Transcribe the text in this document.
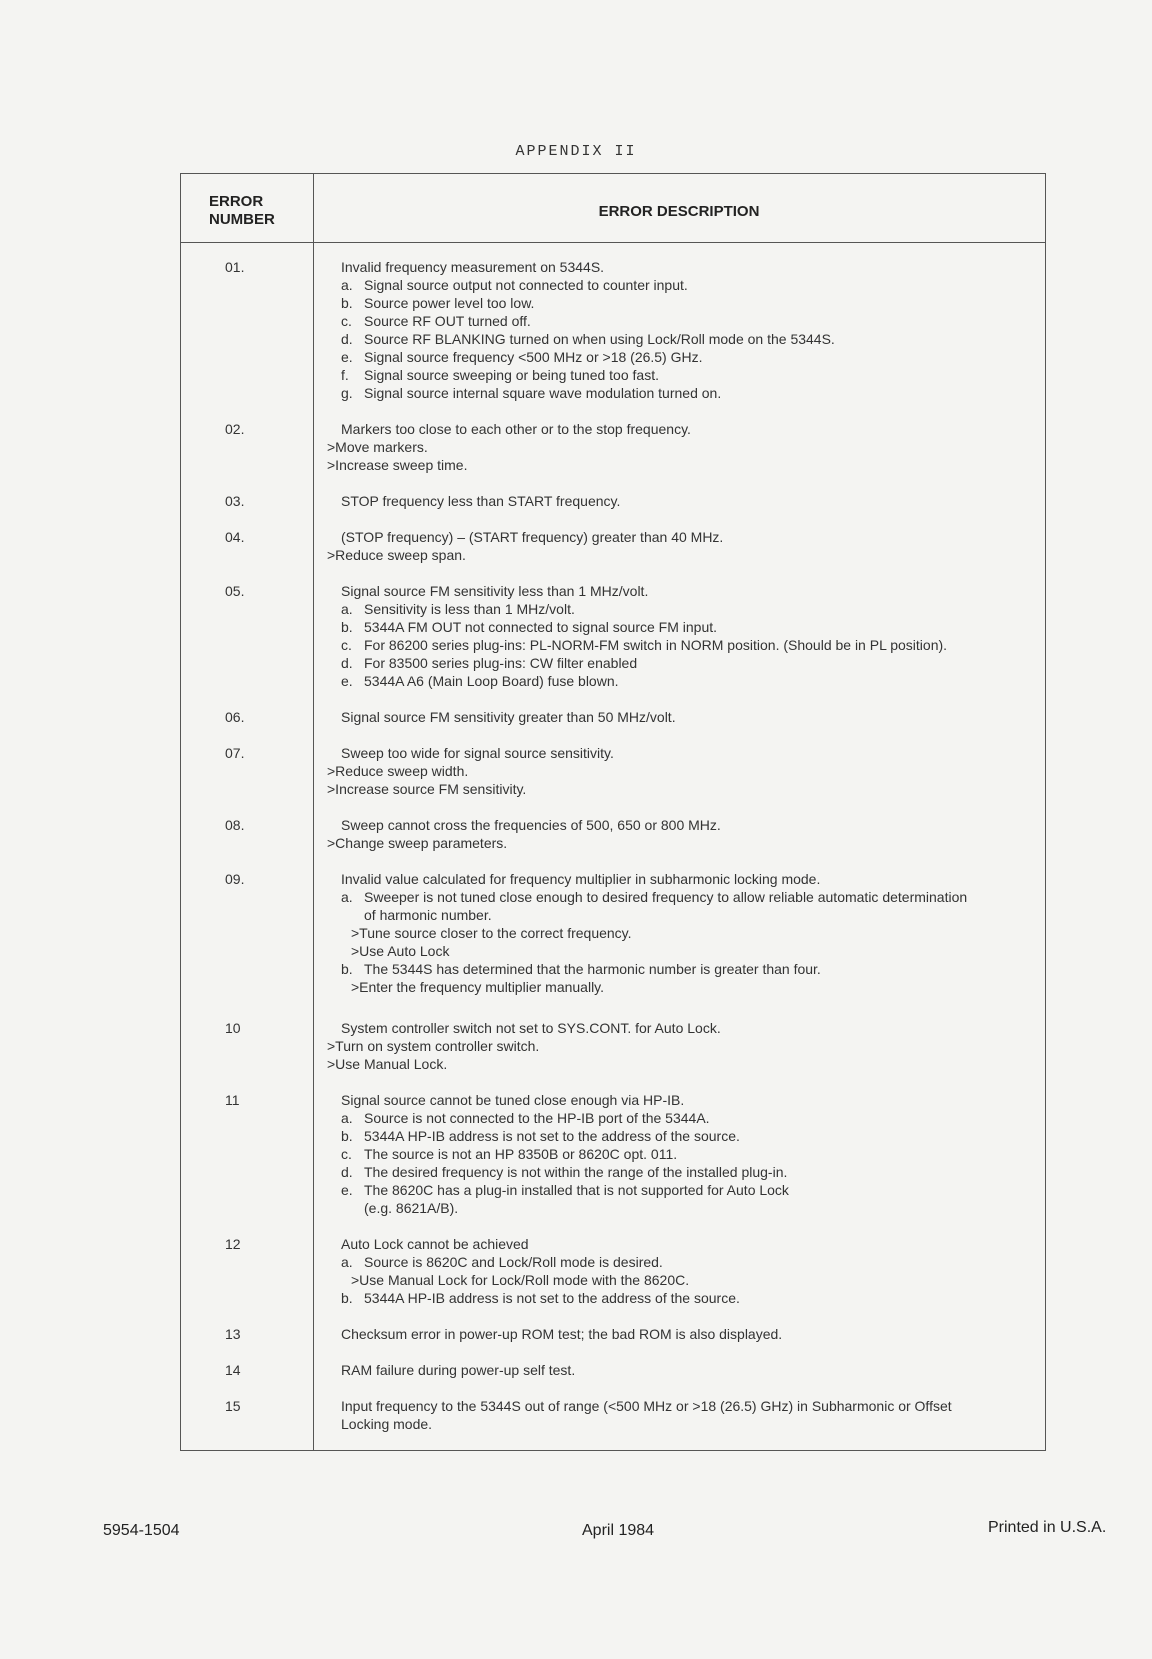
APPENDIX II
ERROR
NUMBER	ERROR DESCRIPTION
01.	Invalid frequency measurement on 5344S.
a. Signal source output not connected to counter input.
b. Source power level too low.
c. Source RF OUT turned off.
d. Source RF BLANKING turned on when using Lock/Roll mode on the 5344S.
e. Signal source frequency <500 MHz or >18 (26.5) GHz.
f. Signal source sweeping or being tuned too fast.
g. Signal source internal square wave modulation turned on.
02.	Markers too close to each other or to the stop frequency.
>Move markers.
>Increase sweep time.
03.	STOP frequency less than START frequency.
04.	(STOP frequency) – (START frequency) greater than 40 MHz.
>Reduce sweep span.
05.	Signal source FM sensitivity less than 1 MHz/volt.
a. Sensitivity is less than 1 MHz/volt.
b. 5344A FM OUT not connected to signal source FM input.
c. For 86200 series plug-ins: PL-NORM-FM switch in NORM position. (Should be in PL position).
d. For 83500 series plug-ins: CW filter enabled
e. 5344A A6 (Main Loop Board) fuse blown.
06.	Signal source FM sensitivity greater than 50 MHz/volt.
07.	Sweep too wide for signal source sensitivity.
>Reduce sweep width.
>Increase source FM sensitivity.
08.	Sweep cannot cross the frequencies of 500, 650 or 800 MHz.
>Change sweep parameters.
09.	Invalid value calculated for frequency multiplier in subharmonic locking mode.
a. Sweeper is not tuned close enough to desired frequency to allow reliable automatic determination
of harmonic number.
>Tune source closer to the correct frequency.
>Use Auto Lock
b. The 5344S has determined that the harmonic number is greater than four.
>Enter the frequency multiplier manually.
10	System controller switch not set to SYS.CONT. for Auto Lock.
>Turn on system controller switch.
>Use Manual Lock.
11	Signal source cannot be tuned close enough via HP-IB.
a. Source is not connected to the HP-IB port of the 5344A.
b. 5344A HP-IB address is not set to the address of the source.
c. The source is not an HP 8350B or 8620C opt. 011.
d. The desired frequency is not within the range of the installed plug-in.
e. The 8620C has a plug-in installed that is not supported for Auto Lock
(e.g. 8621A/B).
12	Auto Lock cannot be achieved
a. Source is 8620C and Lock/Roll mode is desired.
>Use Manual Lock for Lock/Roll mode with the 8620C.
b. 5344A HP-IB address is not set to the address of the source.
13	Checksum error in power-up ROM test; the bad ROM is also displayed.
14	RAM failure during power-up self test.
15	Input frequency to the 5344S out of range (<500 MHz or >18 (26.5) GHz) in Subharmonic or Offset
Locking mode.
5954-1504	April 1984	Printed in U.S.A.
